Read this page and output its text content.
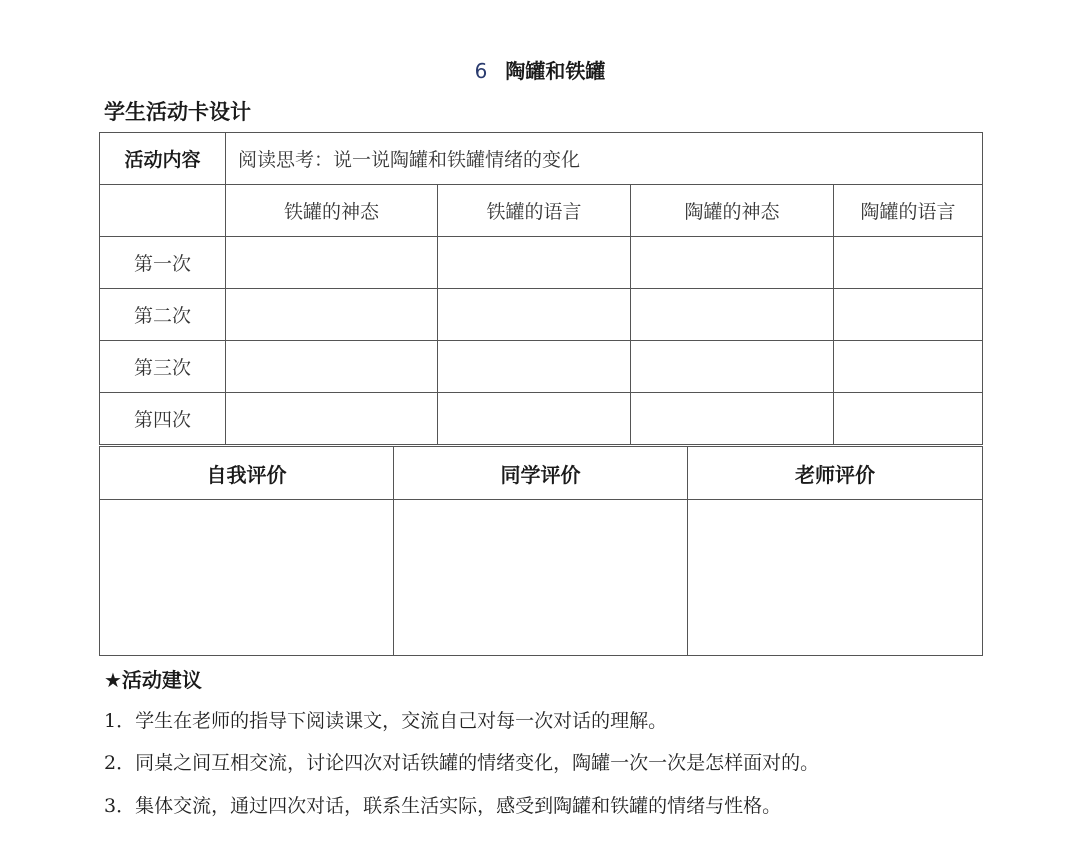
6 陶罐和铁罐
学生活动卡设计
活动内容	阅读思考：说一说陶罐和铁罐情绪的变化			
	铁罐的神态	铁罐的语言	陶罐的神态	陶罐的语言
第一次				
第二次				
第三次				
第四次				
自我评价	同学评价	老师评价

★活动建议
1．学生在老师的指导下阅读课文，交流自己对每一次对话的理解。
2．同桌之间互相交流，讨论四次对话铁罐的情绪变化，陶罐一次一次是怎样面对的。
3．集体交流，通过四次对话，联系生活实际，感受到陶罐和铁罐的情绪与性格。
